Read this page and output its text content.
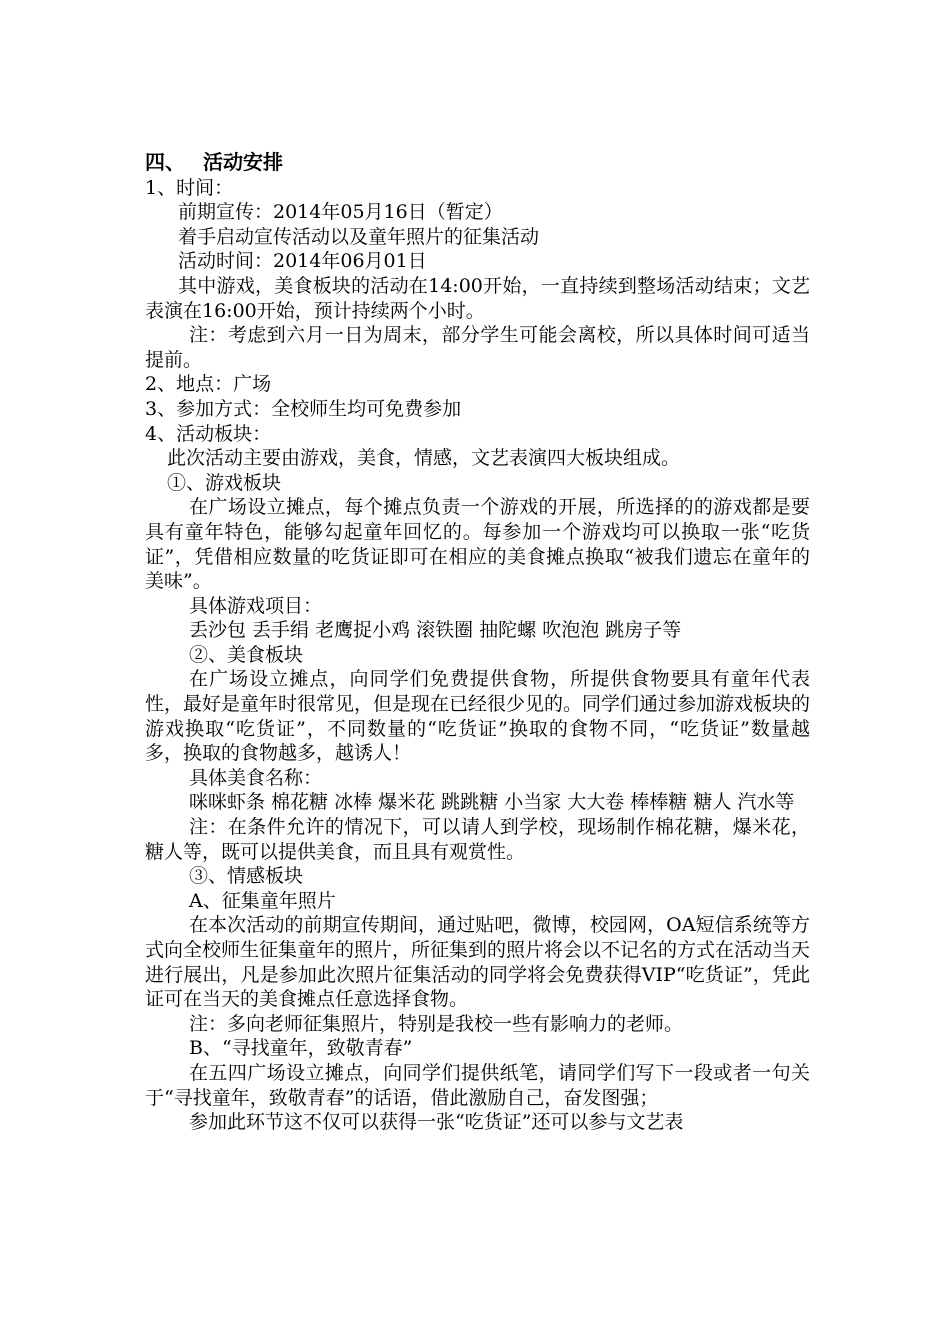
四、 活动安排

1、时间：

前期宣传：2014年05月16日（暂定）

着手启动宣传活动以及童年照片的征集活动

活动时间：2014年06月01日

其中游戏，美食板块的活动在14:00开始，一直持续到整场活动结束；文艺表演在16:00开始，预计持续两个小时。

注：考虑到六月一日为周末，部分学生可能会离校，所以具体时间可适当提前。

2、地点：广场

3、参加方式：全校师生均可免费参加

4、活动板块：

此次活动主要由游戏，美食，情感，文艺表演四大板块组成。

①、游戏板块

在广场设立摊点，每个摊点负责一个游戏的开展，所选择的的游戏都是要具有童年特色，能够勾起童年回忆的。每参加一个游戏均可以换取一张“吃货证”，凭借相应数量的吃货证即可在相应的美食摊点换取“被我们遗忘在童年的美味”。

具体游戏项目：

丢沙包 丢手绢 老鹰捉小鸡 滚铁圈 抽陀螺 吹泡泡 跳房子等

②、美食板块

在广场设立摊点，向同学们免费提供食物，所提供食物要具有童年代表性，最好是童年时很常见，但是现在已经很少见的。同学们通过参加游戏板块的游戏换取“吃货证”，不同数量的“吃货证”换取的食物不同，“吃货证”数量越多，换取的食物越多，越诱人！

具体美食名称：

咪咪虾条 棉花糖 冰棒 爆米花 跳跳糖 小当家 大大卷 棒棒糖 糖人 汽水等

注：在条件允许的情况下，可以请人到学校，现场制作棉花糖，爆米花，糖人等，既可以提供美食，而且具有观赏性。

③、情感板块

A、征集童年照片

在本次活动的前期宣传期间，通过贴吧，微博，校园网，OA短信系统等方式向全校师生征集童年的照片，所征集到的照片将会以不记名的方式在活动当天进行展出，凡是参加此次照片征集活动的同学将会免费获得VIP“吃货证”，凭此证可在当天的美食摊点任意选择食物。

注：多向老师征集照片，特别是我校一些有影响力的老师。

B、“寻找童年，致敬青春”

在五四广场设立摊点，向同学们提供纸笔，请同学们写下一段或者一句关于“寻找童年，致敬青春”的话语，借此激励自己，奋发图强；

参加此环节这不仅可以获得一张“吃货证”还可以参与文艺表
